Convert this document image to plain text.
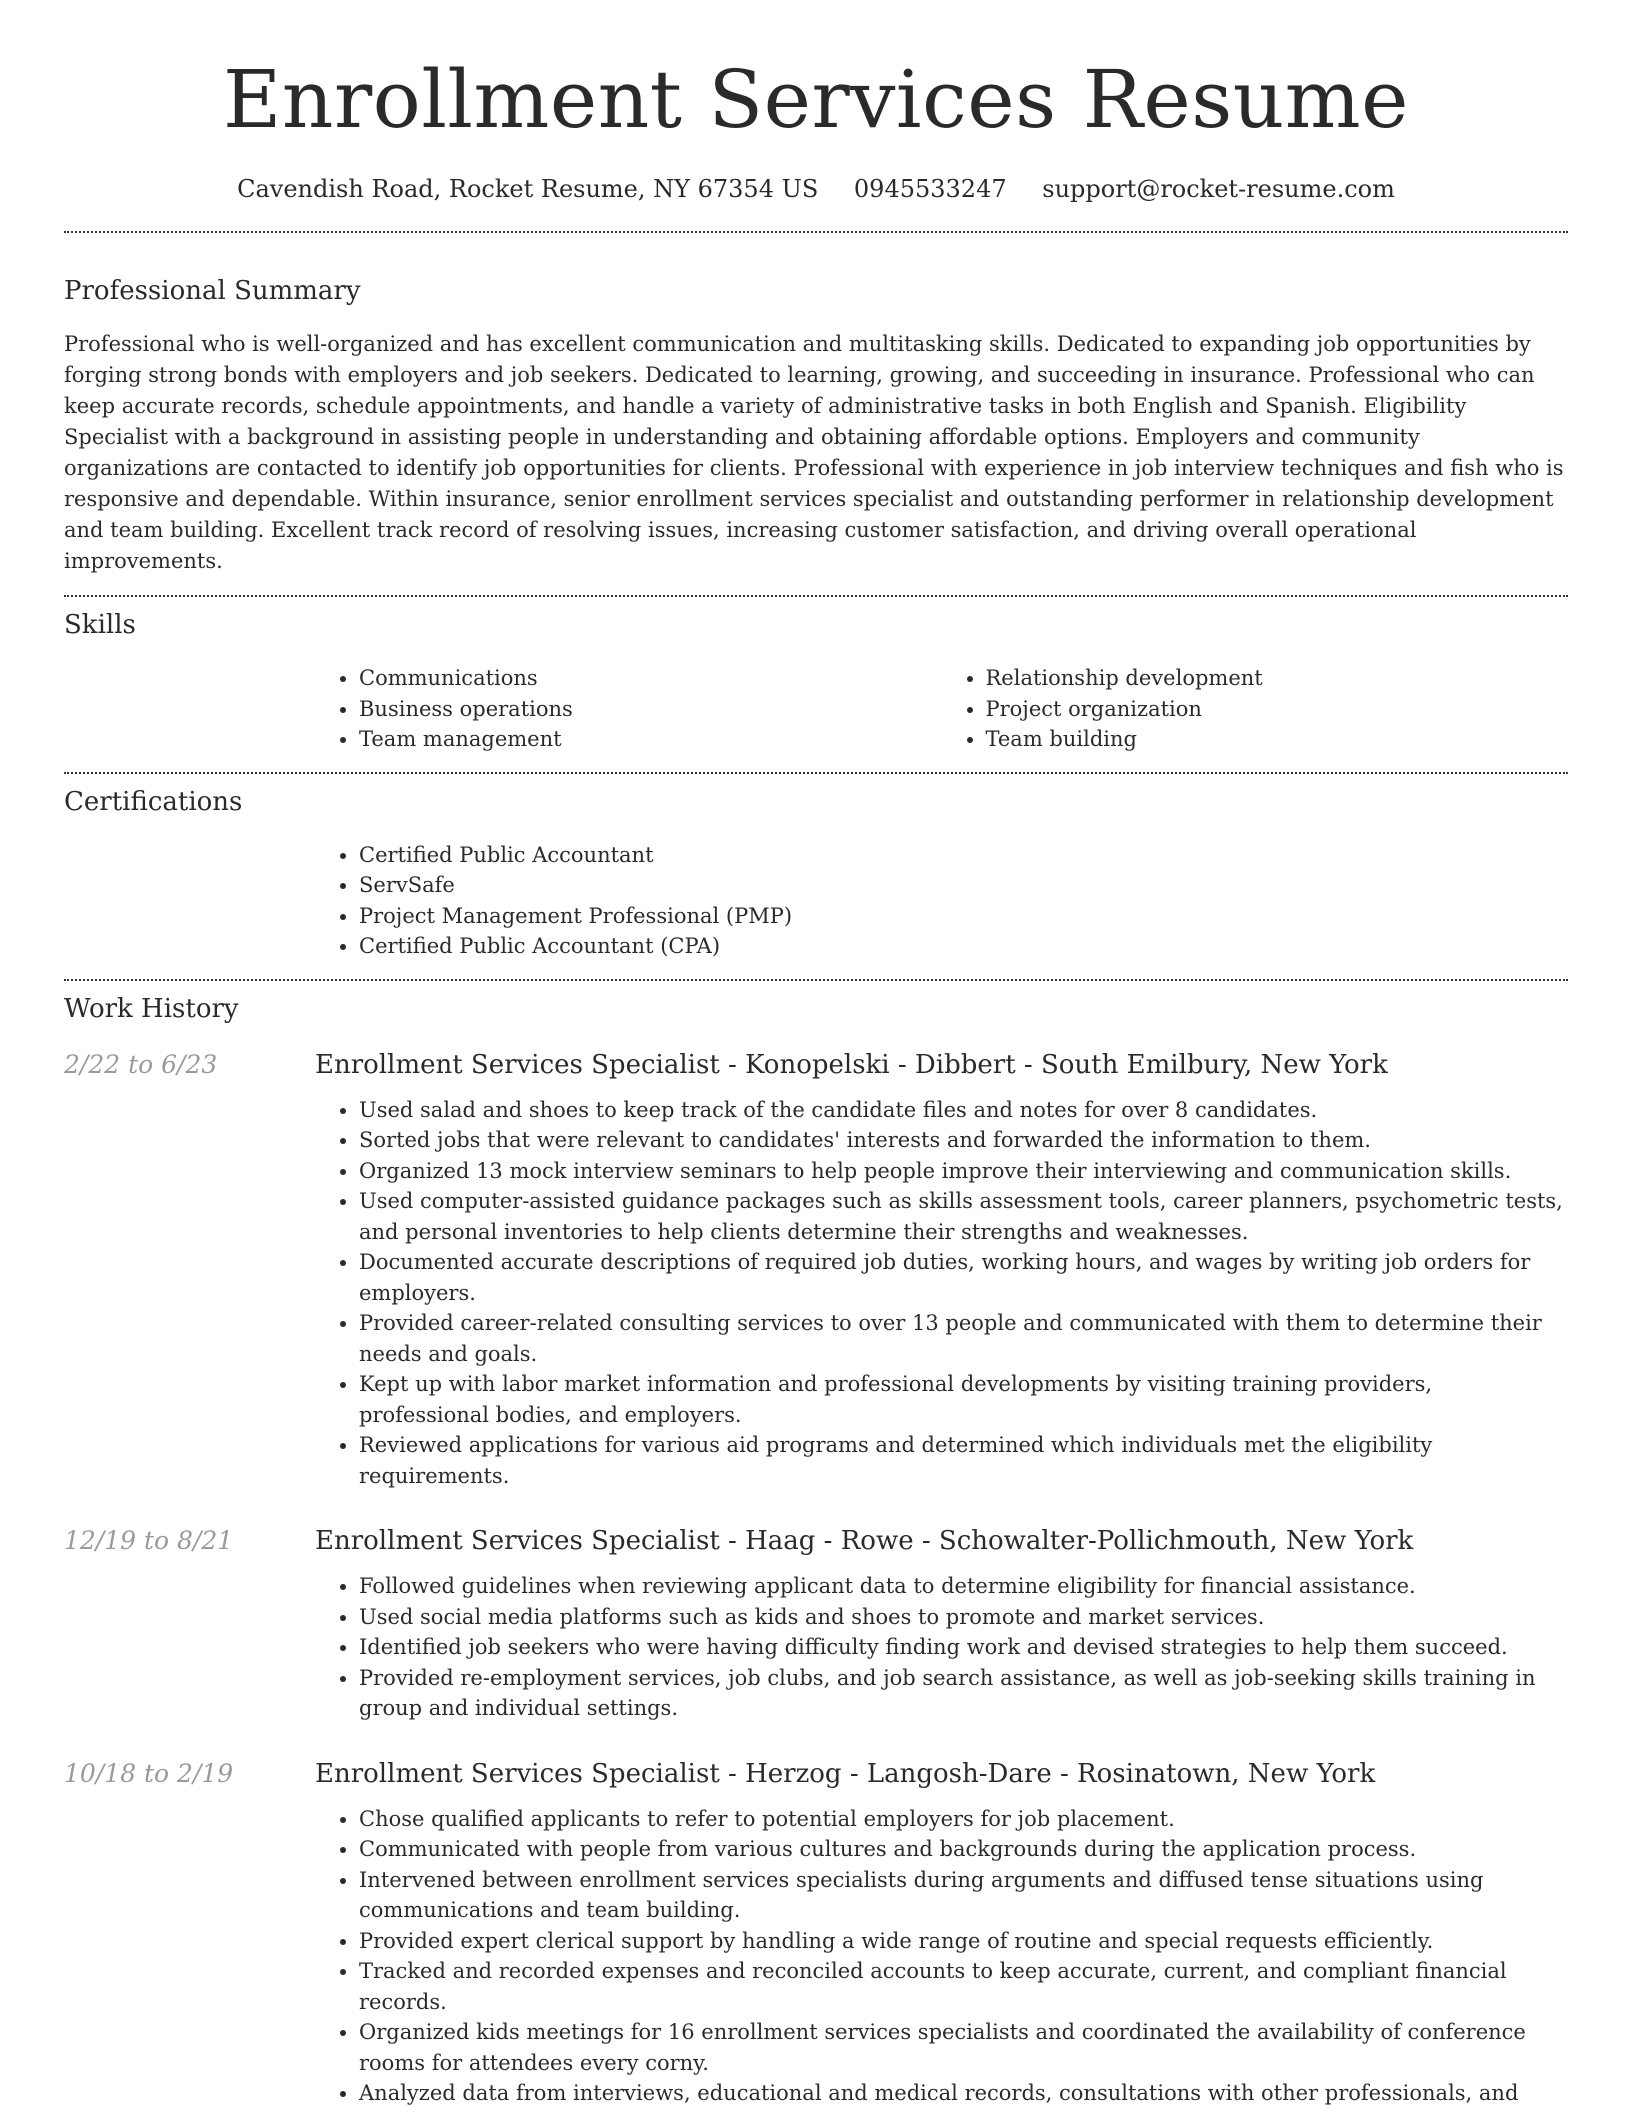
Enrollment Services Resume
Cavendish Road, Rocket Resume, NY 67354 US 0945533247 support@rocket-resume.com
Professional Summary

Professional who is well-organized and has excellent communication and multitasking skills. Dedicated to expanding job opportunities by forging strong bonds with employers and job seekers. Dedicated to learning, growing, and succeeding in insurance. Professional who can keep accurate records, schedule appointments, and handle a variety of administrative tasks in both English and Spanish. Eligibility Specialist with a background in assisting people in understanding and obtaining affordable options. Employers and community organizations are contacted to identify job opportunities for clients. Professional with experience in job interview techniques and fish who is responsive and dependable. Within insurance, senior enrollment services specialist and outstanding performer in relationship development and team building. Excellent track record of resolving issues, increasing customer satisfaction, and driving overall operational improvements.

Skills
• Communications
• Business operations
• Team management
• Relationship development
• Project organization
• Team building
Certifications
• Certified Public Accountant
• ServSafe
• Project Management Professional (PMP)
• Certified Public Accountant (CPA)
Work History
2/22 to 6/23	Enrollment Services Specialist - Konopelski - Dibbert - South Emilbury, New York
• Used salad and shoes to keep track of the candidate files and notes for over 8 candidates.
• Sorted jobs that were relevant to candidates' interests and forwarded the information to them.
• Organized 13 mock interview seminars to help people improve their interviewing and communication skills.
• Used computer-assisted guidance packages such as skills assessment tools, career planners, psychometric tests, and personal inventories to help clients determine their strengths and weaknesses.
• Documented accurate descriptions of required job duties, working hours, and wages by writing job orders for employers.
• Provided career-related consulting services to over 13 people and communicated with them to determine their needs and goals.
• Kept up with labor market information and professional developments by visiting training providers, professional bodies, and employers.
• Reviewed applications for various aid programs and determined which individuals met the eligibility requirements.
12/19 to 8/21	Enrollment Services Specialist - Haag - Rowe - Schowalter-Pollichmouth, New York
• Followed guidelines when reviewing applicant data to determine eligibility for financial assistance.
• Used social media platforms such as kids and shoes to promote and market services.
• Identified job seekers who were having difficulty finding work and devised strategies to help them succeed.
• Provided re-employment services, job clubs, and job search assistance, as well as job-seeking skills training in group and individual settings.
10/18 to 2/19	Enrollment Services Specialist - Herzog - Langosh-Dare - Rosinatown, New York
• Chose qualified applicants to refer to potential employers for job placement.
• Communicated with people from various cultures and backgrounds during the application process.
• Intervened between enrollment services specialists during arguments and diffused tense situations using communications and team building.
• Provided expert clerical support by handling a wide range of routine and special requests efficiently.
• Tracked and recorded expenses and reconciled accounts to keep accurate, current, and compliant financial records.
• Organized kids meetings for 16 enrollment services specialists and coordinated the availability of conference rooms for attendees every corny.
• Analyzed data from interviews, educational and medical records, consultations with other professionals, and
